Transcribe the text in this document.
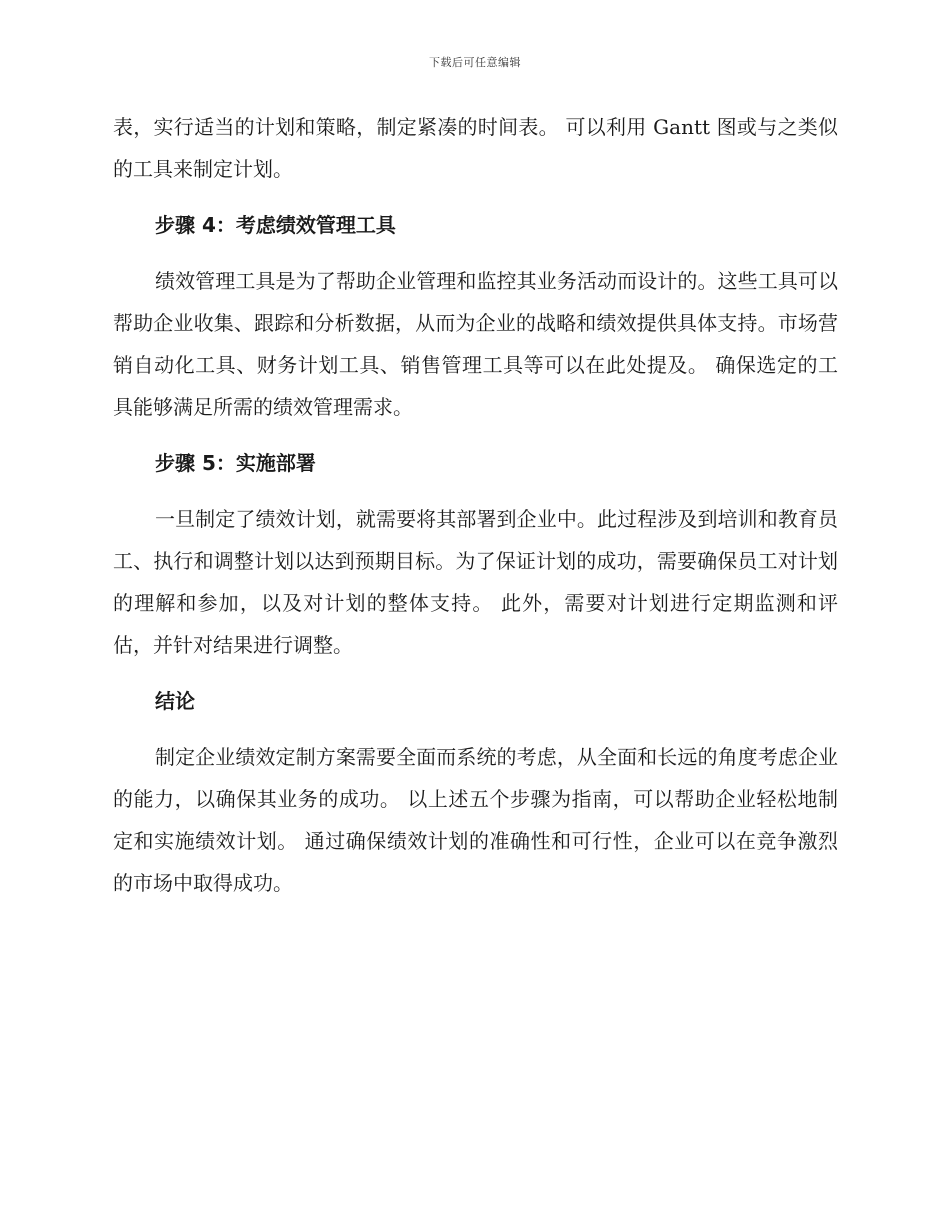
下载后可任意编辑

表，实行适当的计划和策略，制定紧凑的时间表。 可以利用 Gantt 图或与之类似的工具来制定计划。

步骤 4：考虑绩效管理工具

绩效管理工具是为了帮助企业管理和监控其业务活动而设计的。这些工具可以帮助企业收集、跟踪和分析数据，从而为企业的战略和绩效提供具体支持。市场营销自动化工具、财务计划工具、销售管理工具等可以在此处提及。 确保选定的工具能够满足所需的绩效管理需求。

步骤 5：实施部署

一旦制定了绩效计划，就需要将其部署到企业中。此过程涉及到培训和教育员工、执行和调整计划以达到预期目标。为了保证计划的成功，需要确保员工对计划的理解和参加，以及对计划的整体支持。 此外，需要对计划进行定期监测和评估，并针对结果进行调整。

结论

制定企业绩效定制方案需要全面而系统的考虑，从全面和长远的角度考虑企业的能力，以确保其业务的成功。 以上述五个步骤为指南，可以帮助企业轻松地制定和实施绩效计划。 通过确保绩效计划的准确性和可行性，企业可以在竞争激烈的市场中取得成功。
